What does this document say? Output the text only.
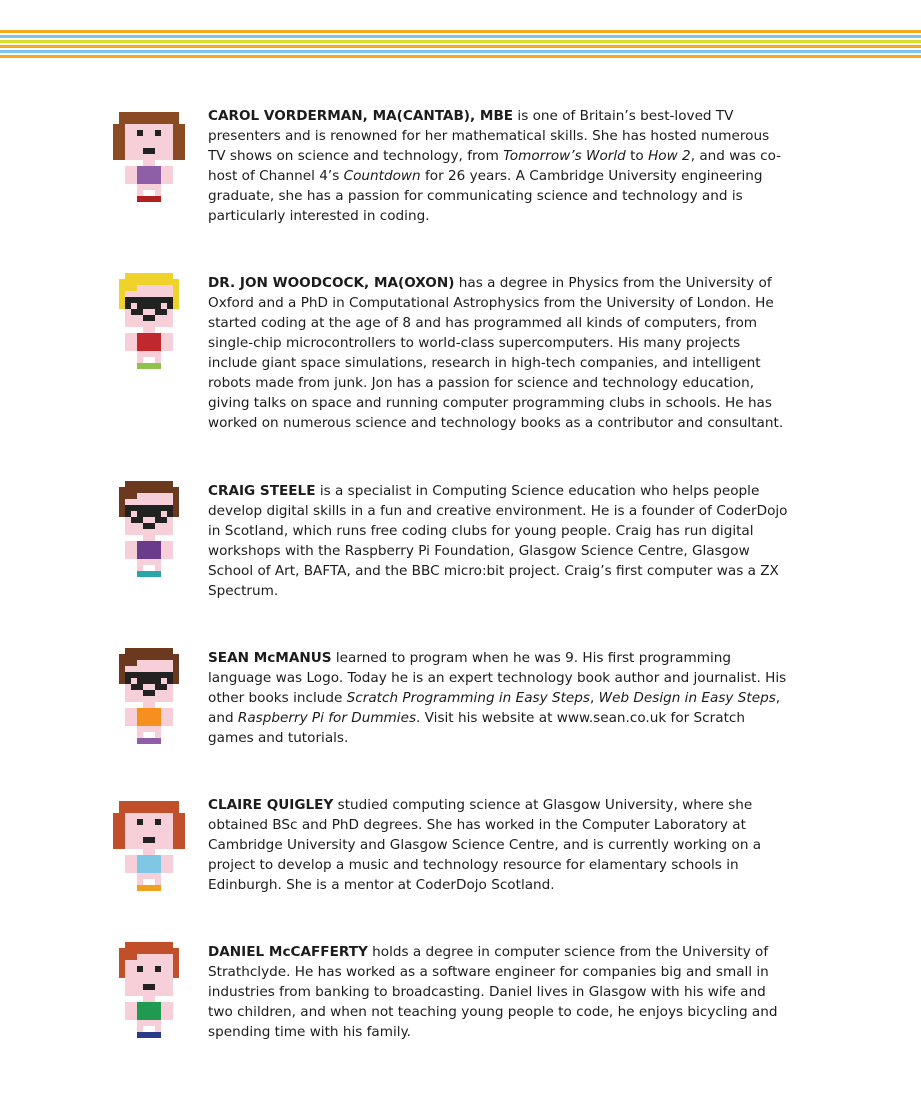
CAROL VORDERMAN, MA(CANTAB), MBE is one of Britain’s best-loved TV presenters and is renowned for her mathematical skills. She has hosted numerous TV shows on science and technology, from Tomorrow’s World to How 2, and was co-host of Channel 4’s Countdown for 26 years. A Cambridge University engineering graduate, she has a passion for communicating science and technology and is particularly interested in coding.

DR. JON WOODCOCK, MA(OXON) has a degree in Physics from the University of Oxford and a PhD in Computational Astrophysics from the University of London. He started coding at the age of 8 and has programmed all kinds of computers, from single-chip microcontrollers to world-class supercomputers. His many projects include giant space simulations, research in high-tech companies, and intelligent robots made from junk. Jon has a passion for science and technology education, giving talks on space and running computer programming clubs in schools. He has worked on numerous science and technology books as a contributor and consultant.

CRAIG STEELE is a specialist in Computing Science education who helps people develop digital skills in a fun and creative environment. He is a founder of CoderDojo in Scotland, which runs free coding clubs for young people. Craig has run digital workshops with the Raspberry Pi Foundation, Glasgow Science Centre, Glasgow School of Art, BAFTA, and the BBC micro:bit project. Craig’s first computer was a ZX Spectrum.

SEAN McMANUS learned to program when he was 9. His first programming language was Logo. Today he is an expert technology book author and journalist. His other books include Scratch Programming in Easy Steps, Web Design in Easy Steps, and Raspberry Pi for Dummies. Visit his website at www.sean.co.uk for Scratch games and tutorials.

CLAIRE QUIGLEY studied computing science at Glasgow University, where she obtained BSc and PhD degrees. She has worked in the Computer Laboratory at Cambridge University and Glasgow Science Centre, and is currently working on a project to develop a music and technology resource for elamentary schools in Edinburgh. She is a mentor at CoderDojo Scotland.

DANIEL McCAFFERTY holds a degree in computer science from the University of Strathclyde. He has worked as a software engineer for companies big and small in industries from banking to broadcasting. Daniel lives in Glasgow with his wife and two children, and when not teaching young people to code, he enjoys bicycling and spending time with his family.
